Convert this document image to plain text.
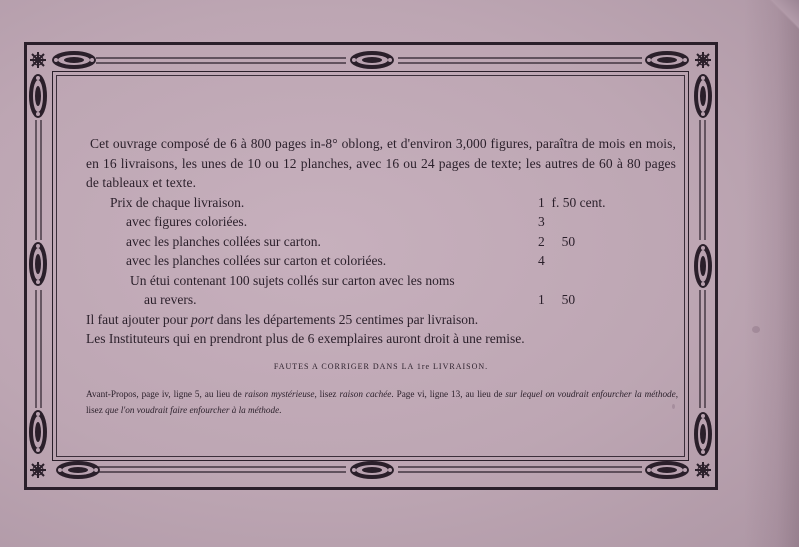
Cet ouvrage composé de 6 à 800 pages in-8° oblong, et d'environ 3,000 figures, paraîtra de mois en mois, en 16 livraisons, les unes de 10 ou 12 planches, avec 16 ou 24 pages de texte; les autres de 60 à 80 pages de tableaux et texte.

Prix de chaque livraison.	1  f. 50 cent.
avec figures coloriées.	3
avec les planches collées sur carton.	2     50
avec les planches collées sur carton et coloriées.	4
Un étui contenant 100 sujets collés sur carton avec les noms
au revers.	1     50

Il faut ajouter pour port dans les départements 25 centimes par livraison.

Les Instituteurs qui en prendront plus de 6 exemplaires auront droit à une remise.

FAUTES A CORRIGER DANS LA 1re LIVRAISON.
Avant-Propos, page iv, ligne 5, au lieu de raison mystérieuse, lisez raison cachée. Page vi, ligne 13, au lieu de sur lequel on voudrait enfourcher la méthode, lisez que l'on voudrait faire enfourcher à la méthode.
